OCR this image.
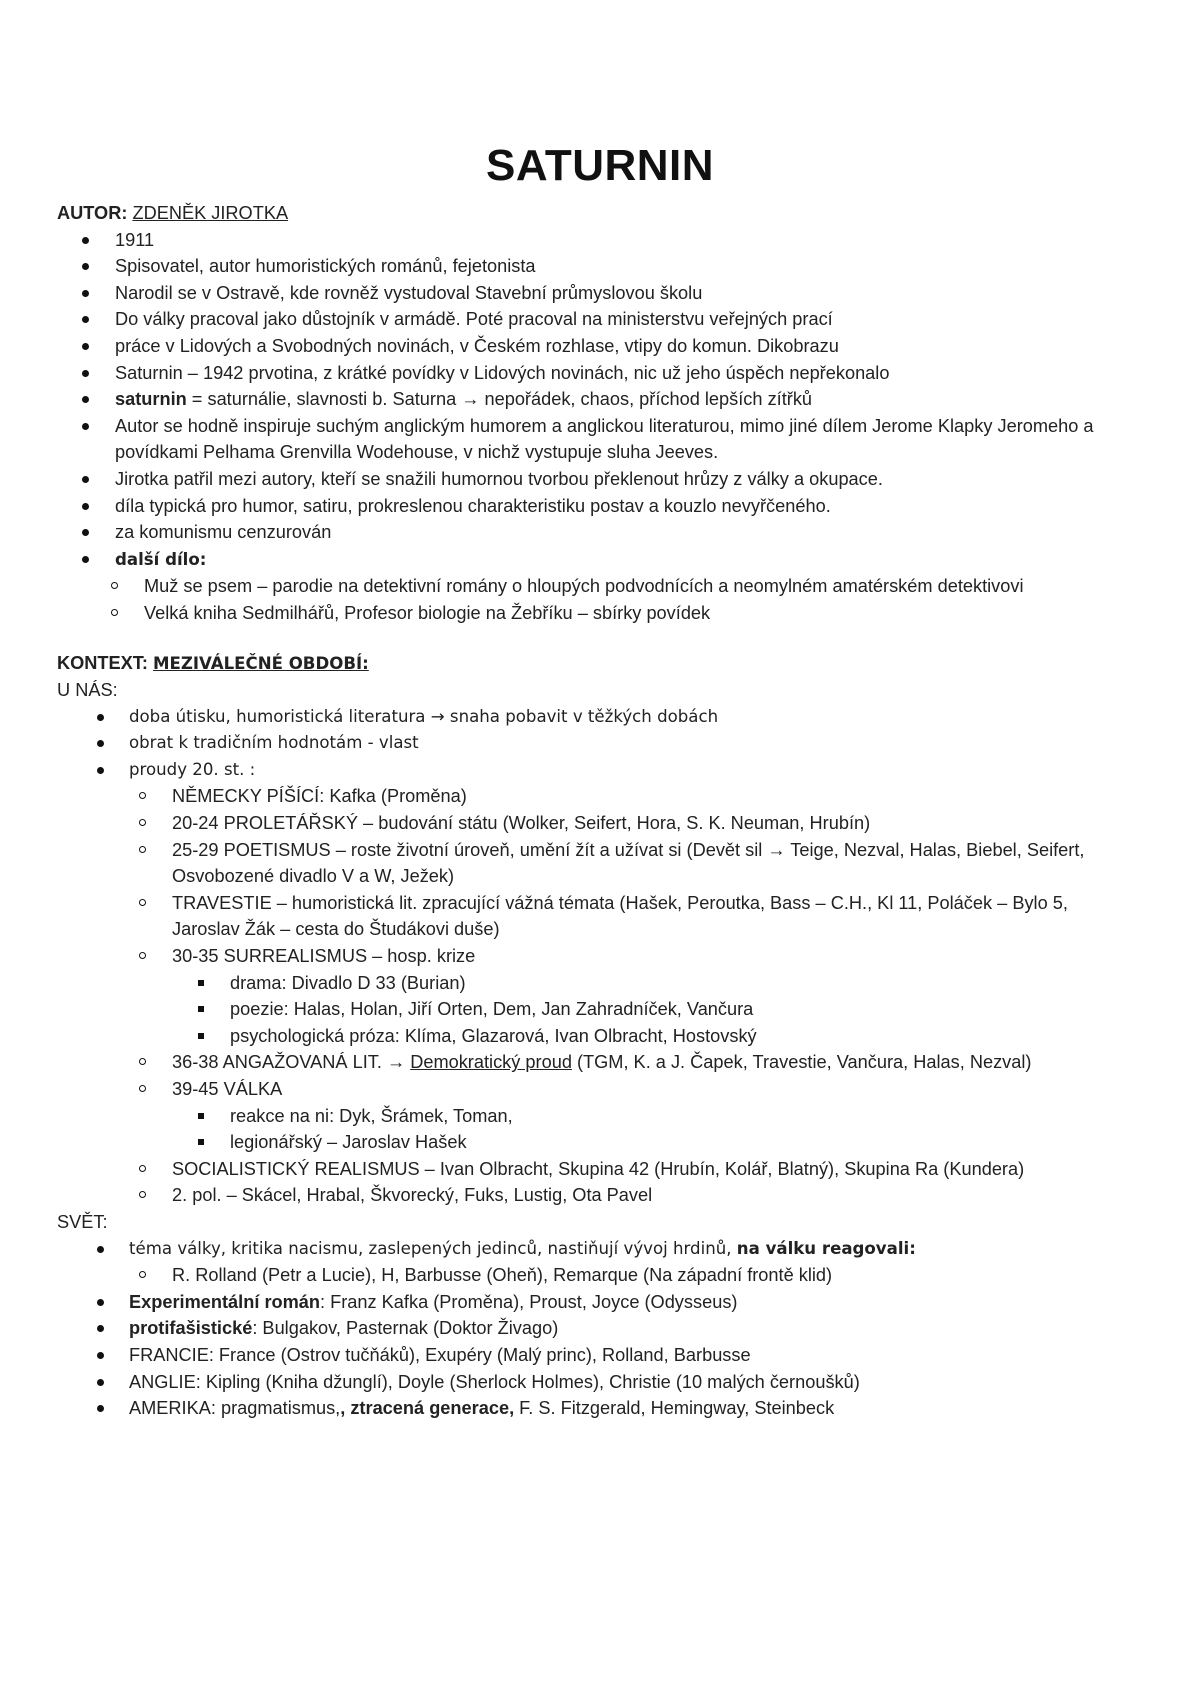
SATURNIN

AUTOR: ZDENĚK JIROTKA

1911
Spisovatel, autor humoristických románů, fejetonista
Narodil se v Ostravě, kde rovněž vystudoval Stavební průmyslovou školu
Do války pracoval jako důstojník v armádě. Poté pracoval na ministerstvu veřejných prací
práce v Lidových a Svobodných novinách, v Českém rozhlase, vtipy do komun. Dikobrazu
Saturnin – 1942 prvotina, z krátké povídky v Lidových novinách, nic už jeho úspěch nepřekonalo
saturnin = saturnálie, slavnosti b. Saturna → nepořádek, chaos, příchod lepších zítřků
Autor se hodně inspiruje suchým anglickým humorem a anglickou literaturou, mimo jiné dílem Jerome Klapky Jeromeho a povídkami Pelhama Grenvilla Wodehouse, v nichž vystupuje sluha Jeeves.
Jirotka patřil mezi autory, kteří se snažili humornou tvorbou překlenout hrůzy z války a okupace.
díla typická pro humor, satiru, prokreslenou charakteristiku postav a kouzlo nevyřčeného.
za komunismu cenzurován
další dílo:
Muž se psem – parodie na detektivní romány o hloupých podvodnících a neomylném amatérském detektivovi
Velká kniha Sedmilhářů, Profesor biologie na Žebříku – sbírky povídek

KONTEXT: MEZIVÁLEČNÉ OBDOBÍ:

U NÁS:

doba útisku, humoristická literatura → snaha pobavit v těžkých dobách
obrat k tradičním hodnotám - vlast
proudy 20. st. :
NĚMECKY PÍŠÍCÍ: Kafka (Proměna)
20-24 PROLETÁŘSKÝ – budování státu (Wolker, Seifert, Hora, S. K. Neuman, Hrubín)
25-29 POETISMUS – roste životní úroveň, umění žít a užívat si (Devět sil → Teige, Nezval, Halas, Biebel, Seifert, Osvobozené divadlo V a W, Ježek)
TRAVESTIE – humoristická lit. zpracující vážná témata (Hašek, Peroutka, Bass – C.H., Kl 11, Poláček – Bylo 5, Jaroslav Žák – cesta do Študákovi duše)
30-35 SURREALISMUS – hosp. krize
drama: Divadlo D 33 (Burian)
poezie: Halas, Holan, Jiří Orten, Dem, Jan Zahradníček, Vančura
psychologická próza: Klíma, Glazarová, Ivan Olbracht, Hostovský
36-38 ANGAŽOVANÁ LIT. → Demokratický proud (TGM, K. a J. Čapek, Travestie, Vančura, Halas, Nezval)
39-45 VÁLKA
reakce na ni: Dyk, Šrámek, Toman,
legionářský – Jaroslav Hašek
SOCIALISTICKÝ REALISMUS – Ivan Olbracht, Skupina 42 (Hrubín, Kolář, Blatný), Skupina Ra (Kundera)
2. pol. – Skácel, Hrabal, Škvorecký, Fuks, Lustig, Ota Pavel

SVĚT:

téma války, kritika nacismu, zaslepených jedinců, nastiňují vývoj hrdinů, na válku reagovali:
R. Rolland (Petr a Lucie), H, Barbusse (Oheň), Remarque (Na západní frontě klid)
Experimentální román: Franz Kafka (Proměna), Proust, Joyce (Odysseus)
protifašistické: Bulgakov, Pasternak (Doktor Živago)
FRANCIE: France (Ostrov tučňáků), Exupéry (Malý princ), Rolland, Barbusse
ANGLIE: Kipling (Kniha džunglí), Doyle (Sherlock Holmes), Christie (10 malých černoušků)
AMERIKA: pragmatismus,, ztracená generace, F. S. Fitzgerald, Hemingway, Steinbeck
